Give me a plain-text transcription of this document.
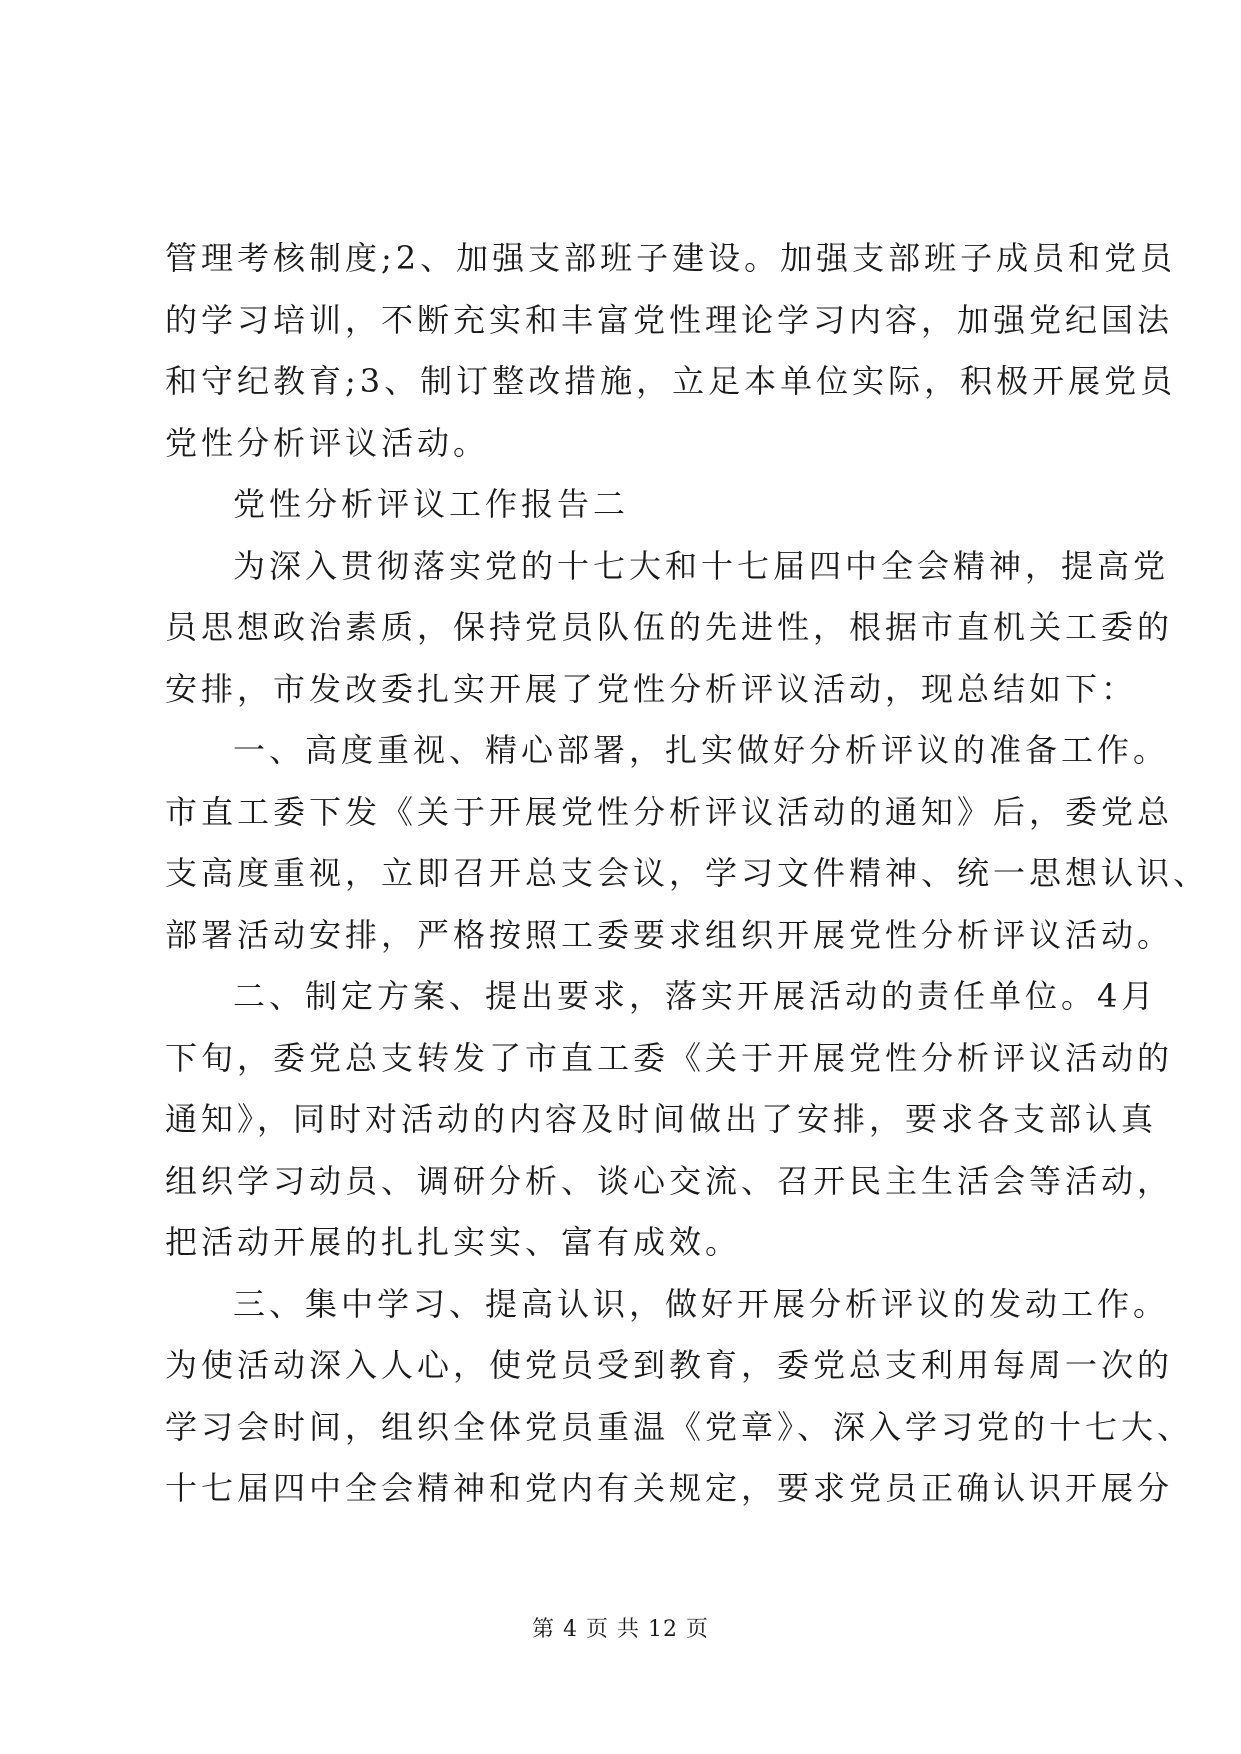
管理考核制度;2、加强支部班子建设。加强支部班子成员和党员
的学习培训，不断充实和丰富党性理论学习内容，加强党纪国法
和守纪教育;3、制订整改措施，立足本单位实际，积极开展党员
党性分析评议活动。
党性分析评议工作报告二
为深入贯彻落实党的十七大和十七届四中全会精神，提高党
员思想政治素质，保持党员队伍的先进性，根据市直机关工委的
安排，市发改委扎实开展了党性分析评议活动，现总结如下：
一、高度重视、精心部署，扎实做好分析评议的准备工作。
市直工委下发《关于开展党性分析评议活动的通知》后，委党总
支高度重视，立即召开总支会议，学习文件精神、统一思想认识、
部署活动安排，严格按照工委要求组织开展党性分析评议活动。
二、制定方案、提出要求，落实开展活动的责任单位。4月
下旬，委党总支转发了市直工委《关于开展党性分析评议活动的
通知》，同时对活动的内容及时间做出了安排，要求各支部认真
组织学习动员、调研分析、谈心交流、召开民主生活会等活动，
把活动开展的扎扎实实、富有成效。
三、集中学习、提高认识，做好开展分析评议的发动工作。
为使活动深入人心，使党员受到教育，委党总支利用每周一次的
学习会时间，组织全体党员重温《党章》、深入学习党的十七大、
十七届四中全会精神和党内有关规定，要求党员正确认识开展分
第 4 页 共 12 页
